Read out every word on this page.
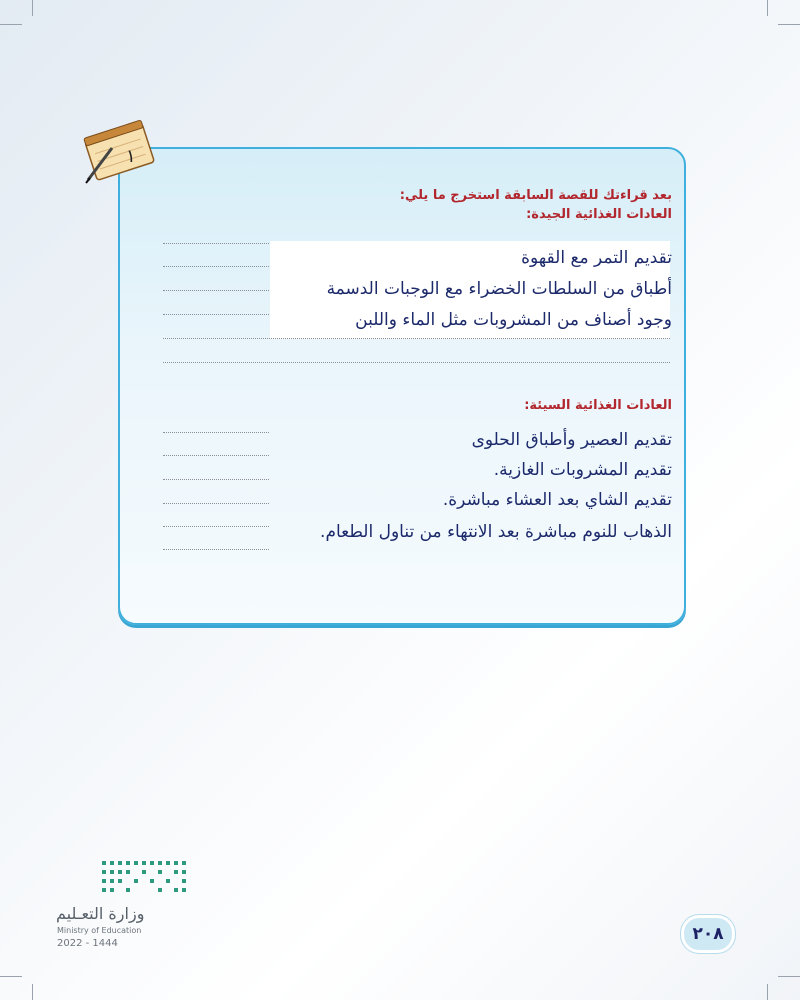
١
بعد قراءتك للقصة السابقة استخرج ما يلي:
العادات الغذائية الجيدة:
تقديم التمر مع القهوة
أطباق من السلطات الخضراء مع الوجبات الدسمة
وجود أصناف من المشروبات مثل الماء واللبن
العادات الغذائية السيئة:
تقديم العصير وأطباق الحلوى
تقديم المشروبات الغازية.
تقديم الشاي بعد العشاء مباشرة.
الذهاب للنوم مباشرة بعد الانتهاء من تناول الطعام.
وزارة التعـليم
Ministry of Education
2022 - 1444	٢٠٨
